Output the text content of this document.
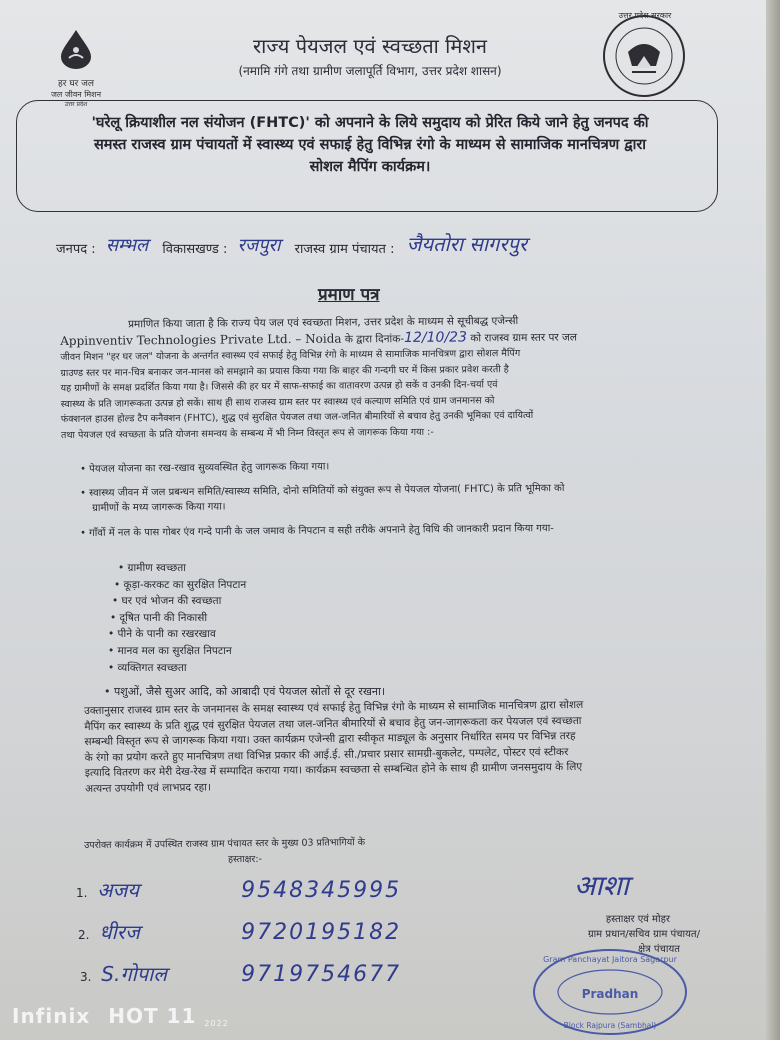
हर घर जल
जल जीवन मिशन
उत्तर प्रदेश
उत्तर प्रदेश सरकार
राज्य पेयजल एवं स्वच्छता मिशन
(नमामि गंगे तथा ग्रामीण जलापूर्ति विभाग, उत्तर प्रदेश शासन)
'घरेलू क्रियाशील नल संयोजन (FHTC)' को अपनाने के लिये समुदाय को प्रेरित किये जाने हेतु जनपद की
समस्त राजस्व ग्राम पंचायतों में स्वास्थ्य एवं सफाई हेतु विभिन्न रंगो के माध्यम से सामाजिक मानचित्रण द्वारा
सोशल मैपिंग कार्यक्रम।
जनपद : सम्भल विकासखण्ड : रजपुरा राजस्व ग्राम पंचायत : जैयतोरा सागरपुर
प्रमाण पत्र
प्रमाणित किया जाता है कि राज्य पेय जल एवं स्वच्छता मिशन, उत्तर प्रदेश के माध्यम से सूचीबद्ध एजेन्सी
Appinventiv Technologies Private Ltd. – Noida के द्वारा दिनांक-12/10/23 को राजस्व ग्राम स्तर पर जल
जीवन मिशन "हर घर जल" योजना के अन्तर्गत स्वास्थ्य एवं सफाई हेतु विभिन्न रंगो के माध्यम से सामाजिक मानचित्रण द्वारा सोशल मैपिंग
ग्राउण्ड स्तर पर मान-चित्र बनाकर जन-मानस को समझाने का प्रयास किया गया कि बाहर की गन्दगी घर में किस प्रकार प्रवेश करती है
यह ग्रामीणों के समक्ष प्रदर्शित किया गया है। जिससे की हर घर में साफ-सफाई का वातावरण उत्पन्न हो सकें व उनकी दिन-चर्या एवं
स्वास्थ्य के प्रति जागरूकता उत्पन्न हो सकें। साथ ही साथ राजस्व ग्राम स्तर पर स्वास्थ्य एवं कल्याण समिति एवं ग्राम जनमानस को
फंक्शनल हाउस होल्ड टैप कनैक्शन (FHTC), शुद्ध एवं सुरक्षित पेयजल तथा जल-जनित बीमारियों से बचाव हेतु उनकी भूमिका एवं दायित्वों
तथा पेयजल एवं स्वच्छता के प्रति योजना समन्वय के सम्बन्ध में भी निम्न विस्तृत रूप से जागरूक किया गया :-
• पेयजल योजना का रख-रखाव सुव्यवस्थित हेतु जागरूक किया गया।
• स्वास्थ्य जीवन में जल प्रबन्धन समिति/स्वास्थ्य समिति, दोनो समितियों को संयुक्त रूप से पेयजल योजना( FHTC) के प्रति भूमिका को
ग्रामीणों के मध्य जागरूक किया गया।
• गाँवों में नल के पास गोबर एंव गन्दे पानी के जल जमाव के निपटान व सही तरीके अपनाने हेतु विधि की जानकारी प्रदान किया गया-
• ग्रामीण स्वच्छता
• कूड़ा-करकट का सुरक्षित निपटान
• घर एवं भोजन की स्वच्छता
• दूषित पानी की निकासी
• पीने के पानी का रखरखाव
• मानव मल का सुरक्षित निपटान
• व्यक्तिगत स्वच्छता
• पशुओं, जैसे सुअर आदि, को आबादी एवं पेयजल स्रोतों से दूर रखना।
उक्तानुसार राजस्व ग्राम स्तर के जनमानस के समक्ष स्वास्थ्य एवं सफाई हेतु विभिन्न रंगो के माध्यम से सामाजिक मानचित्रण द्वारा सोशल
मैपिंग कर स्वास्थ्य के प्रति शुद्ध एवं सुरक्षित पेयजल तथा जल-जनित बीमारियों से बचाव हेतु जन-जागरूकता कर पेयजल एवं स्वच्छता
सम्बन्धी विस्तृत रूप से जागरूक किया गया। उक्त कार्यक्रम एजेन्सी द्वारा स्वीकृत माड्यूल के अनुसार निर्धारित समय पर विभिन्न तरह
के रंगो का प्रयोग करते हुए मानचित्रण तथा विभिन्न प्रकार की आई.ई. सी./प्रचार प्रसार सामग्री-बुकलेट, पम्पलेट, पोस्टर एवं स्टीकर
इत्यादि वितरण कर मेरी देख-रेख में सम्पादित कराया गया। कार्यक्रम स्वच्छता से सम्बन्धित होने के साथ ही ग्रामीण जनसमुदाय के लिए
अत्यन्त उपयोगी एवं लाभप्रद रहा।
उपरोक्त कार्यक्रम में उपस्थित राजस्व ग्राम पंचायत स्तर के मुख्य 03 प्रतिभागियों के
हस्ताक्षर:-
1. अजय	9548345995
2. धीरज	9720195182
3. S.गोपाल	9719754677
आशा
हस्ताक्षर एवं मोहर
ग्राम प्रधान/सचिव ग्राम पंचायत/
क्षेत्र पंचायत
Gram Panchayat Jaitora Sagarpur
Pradhan
Block Rajpura (Sambhal)
Infinix HOT 11 2022
